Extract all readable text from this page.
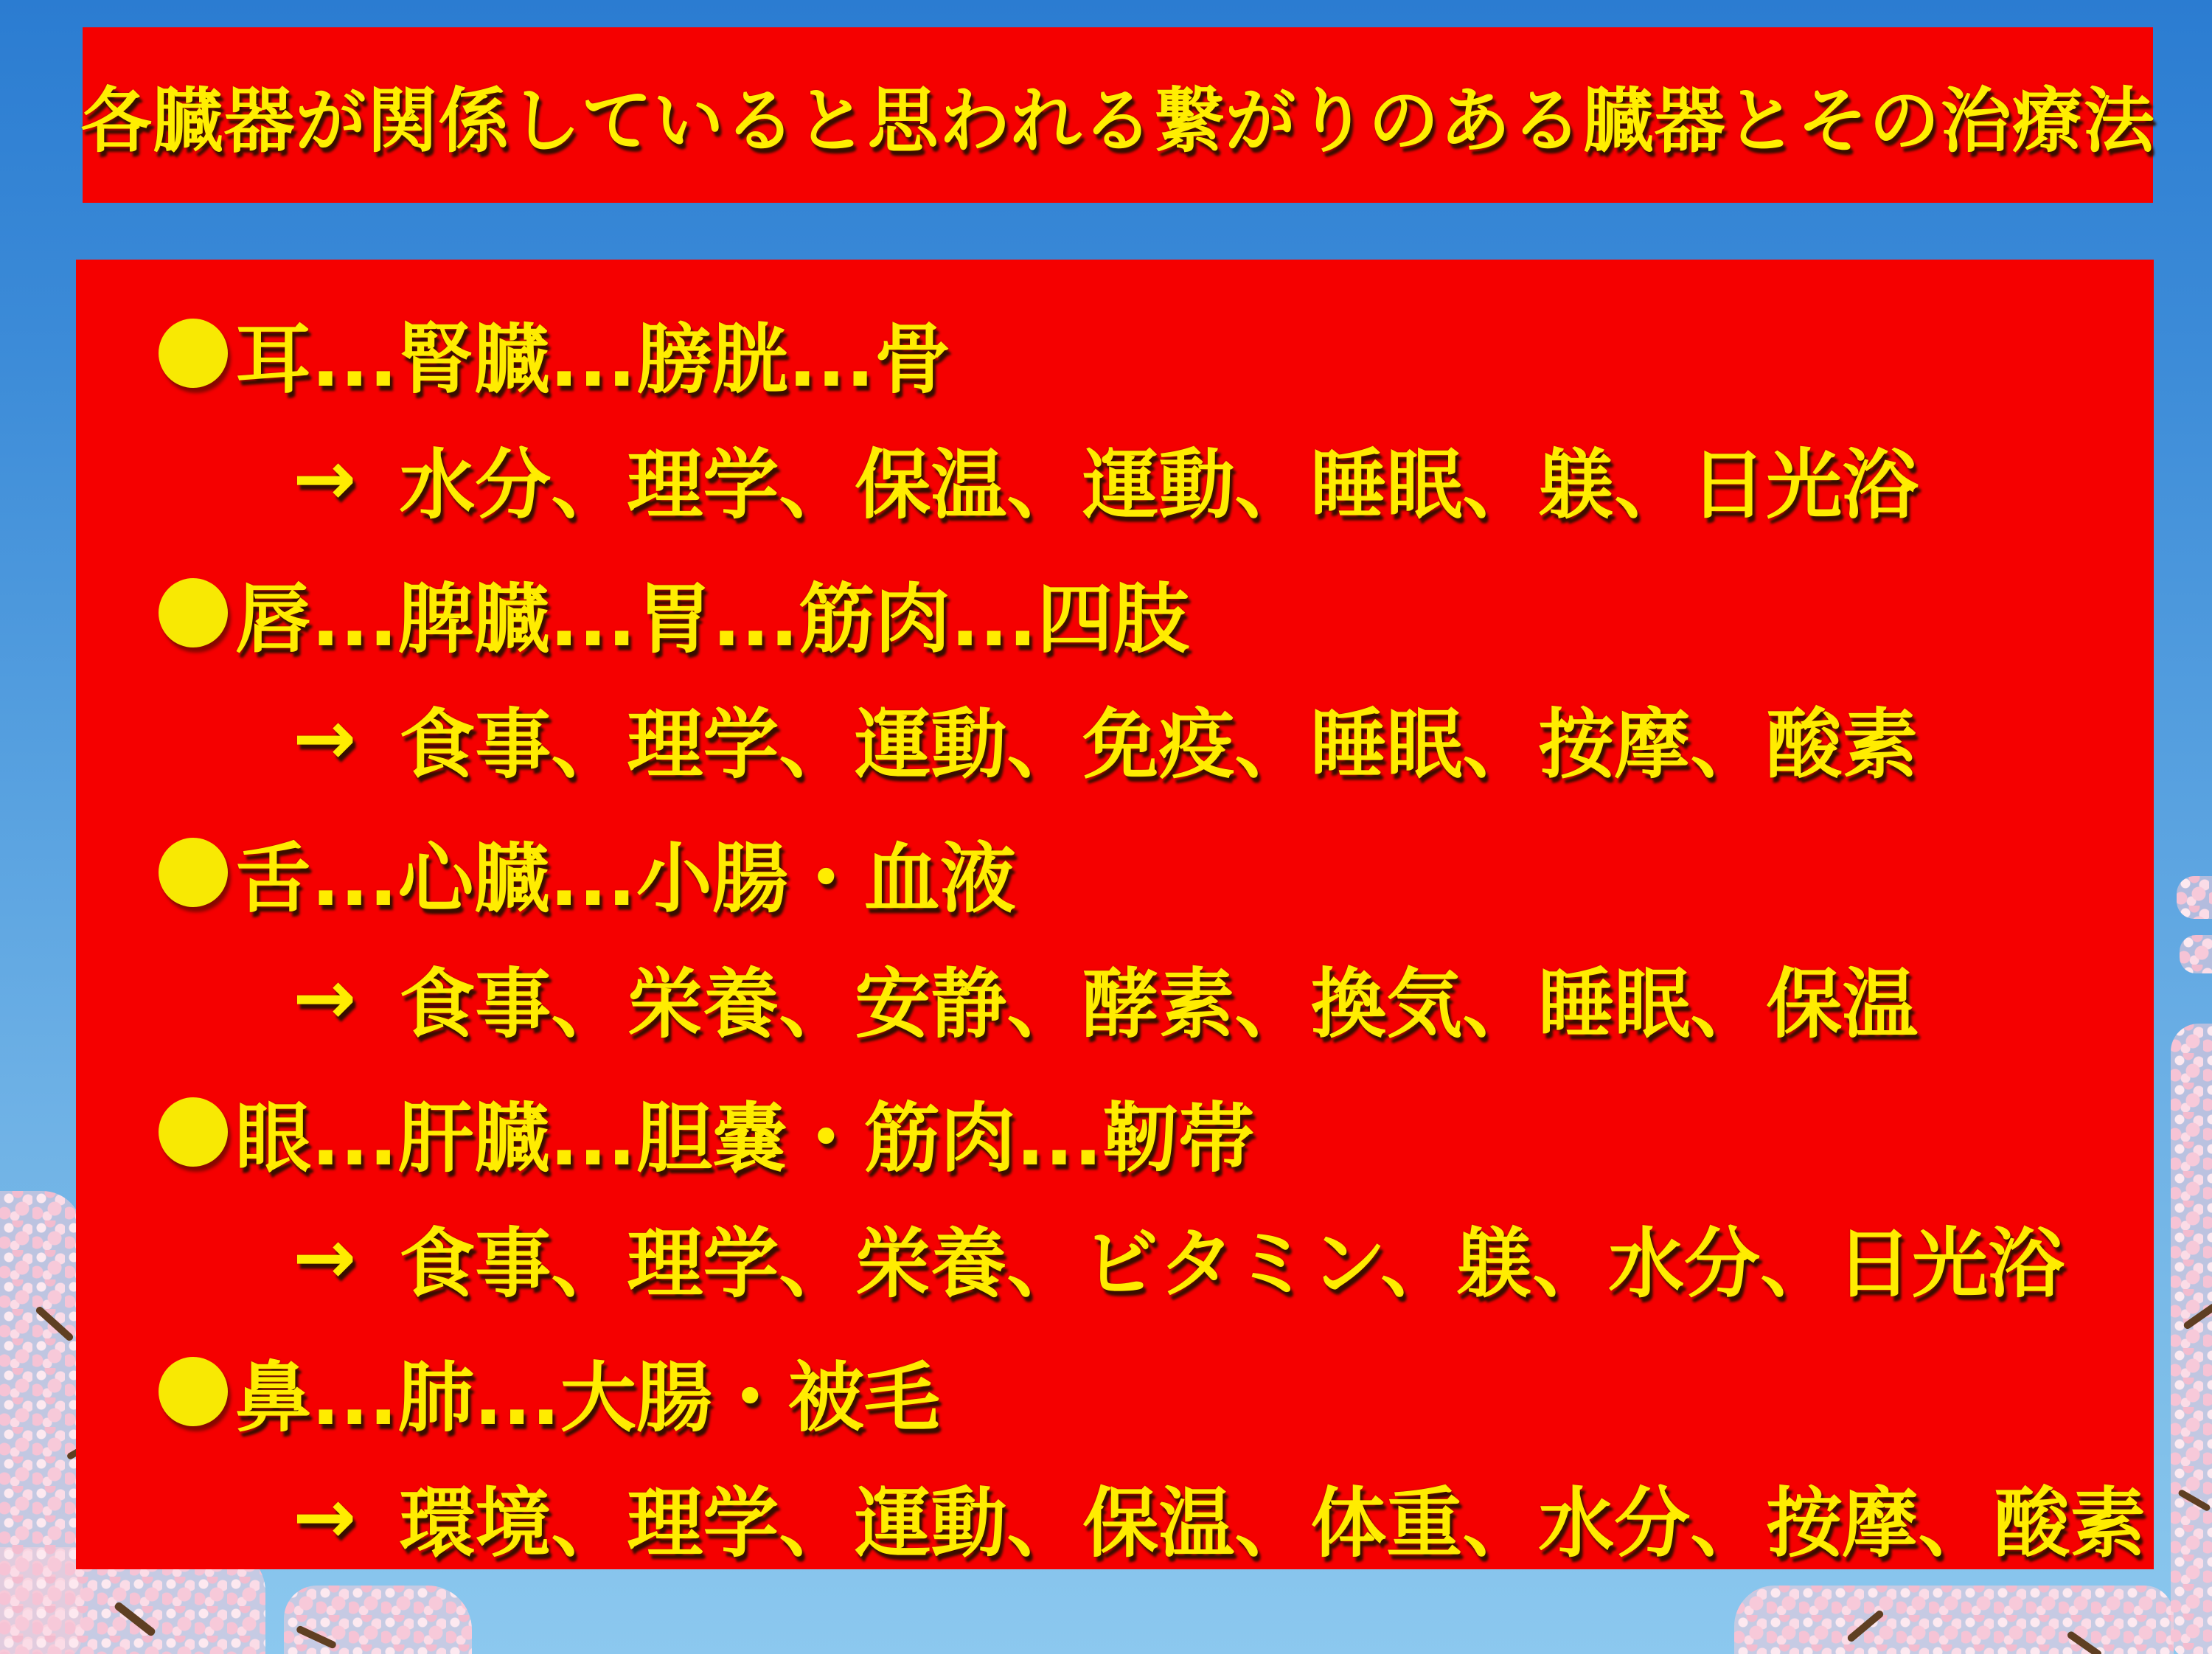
各臓器が関係していると思われる繋がりのある臓器とその治療法
耳...腎臓...膀胱...骨
→ 水分、理学、保温、運動、睡眠、躾、日光浴
唇...脾臓...胃...筋肉...四肢
→ 食事、理学、運動、免疫、睡眠、按摩、酸素
舌...心臓...小腸・血液
→ 食事、栄養、安静、酵素、換気、睡眠、保温
眼...肝臓...胆嚢・筋肉...靭帯
→ 食事、理学、栄養、ビタミン、躾、水分、日光浴
鼻...肺...大腸・被毛
→ 環境、理学、運動、保温、体重、水分、按摩、酸素
